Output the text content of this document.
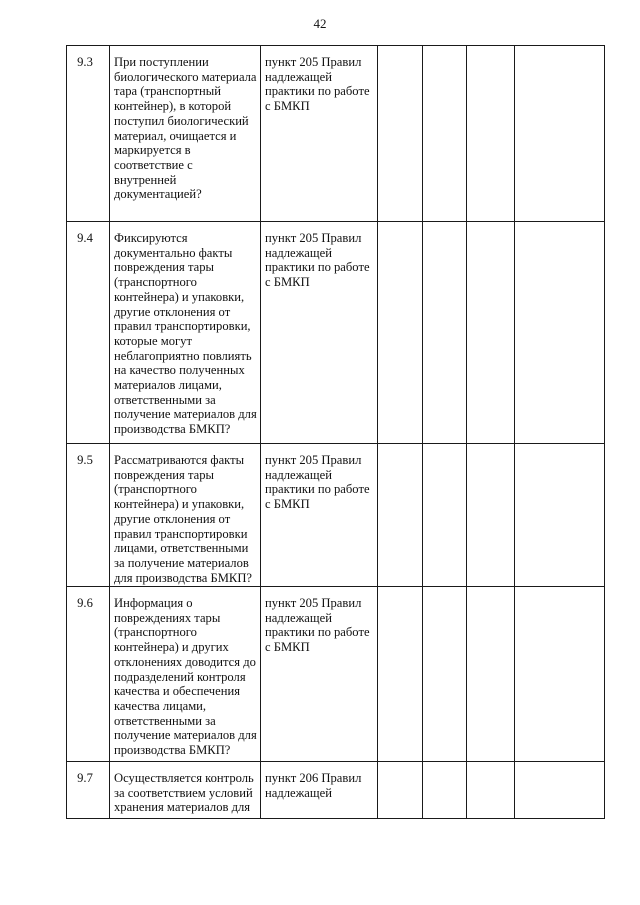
42
9.3	При поступлении биологического материала тара (транспортный контейнер), в которой поступил биологический материал, очищается и маркируется в соответствие с внутренней документацией?	пункт 205 Правил надлежащей практики по работе с БМКП				
9.4	Фиксируются документально факты повреждения тары (транспортного контейнера) и упаковки, другие отклонения от правил транспортировки, которые могут неблагоприятно повлиять на качество полученных материалов лицами, ответственными за получение материалов для производства БМКП?	пункт 205 Правил надлежащей практики по работе с БМКП				
9.5	Рассматриваются факты повреждения тары (транспортного контейнера) и упаковки, другие отклонения от правил транспортировки лицами, ответственными за получение материалов для производства БМКП?	пункт 205 Правил надлежащей практики по работе с БМКП				
9.6	Информация о повреждениях тары (транспортного контейнера) и других отклонениях доводится до подразделений контроля качества и обеспечения качества лицами, ответственными за получение материалов для производства БМКП?	пункт 205 Правил надлежащей практики по работе с БМКП				
9.7	Осуществляется контроль за соответствием условий хранения материалов для	пункт 206 Правил надлежащей				
